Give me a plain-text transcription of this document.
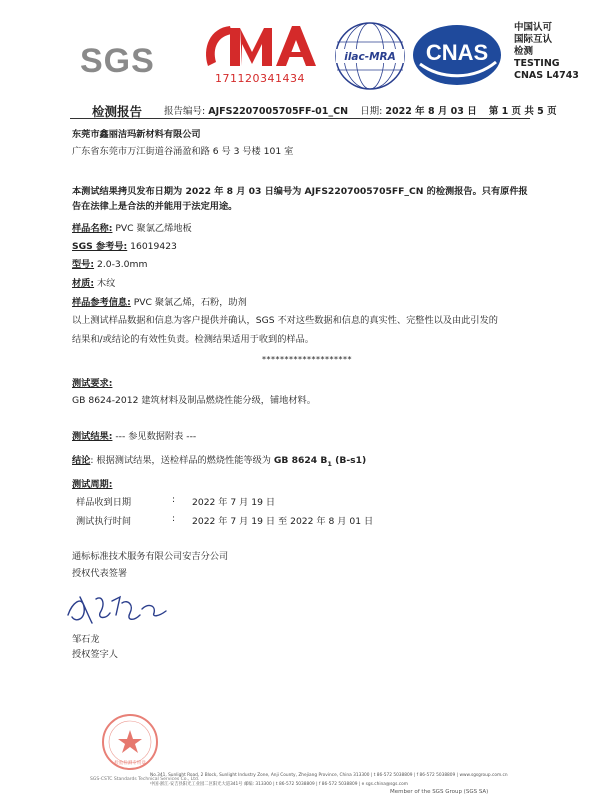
SGS	171120341434
ilac-MRA CNAS
中国认可
国际互认
检测
TESTING
CNAS L4743
检测报告 报告编号: AJFS2207005705FF-01_CN 日期: 2022 年 8 月 03 日 第 1 页 共 5 页
东莞市鑫丽洁玛新材料有限公司
广东省东莞市万江街道谷涌盈和路 6 号 3 号楼 101 室
本测试结果拷贝发布日期为 2022 年 8 月 03 日编号为 AJFS2207005705FF_CN 的检测报告。只有原件报
告在法律上是合法的并能用于法定用途。
样品名称: PVC 聚氯乙烯地板
SGS 参考号: 16019423
型号: 2.0-3.0mm
材质: 木纹
样品参考信息: PVC 聚氯乙烯，石粉，助剂
以上测试样品数据和信息为客户提供并确认，SGS 不对这些数据和信息的真实性、完整性以及由此引发的
结果和/或结论的有效性负责。检测结果适用于收到的样品。
********************
测试要求:
GB 8624-2012 建筑材料及制品燃烧性能分级，铺地材料。
测试结果: --- 参见数据附表 ---
结论: 根据测试结果，送检样品的燃烧性能等级为 GB 8624 $B_1$ (B-s1)
测试周期:
样品收到日期	: 2022 年 7 月 19 日
测试执行时间	: 2022 年 7 月 19 日 至 2022 年 8 月 01 日
通标标准技术服务有限公司安吉分公司
授权代表签署
邹石龙
授权签字人
检验检测专用章
SGS-CSTC Standards Technical Services Co., Ltd.
No.341, Sunlight Road, 2 Block, Sunlight Industry Zone, Anji County, Zhejiang Province, China 313300 | t 86-572 5038809 | f 86-572 5038809 | www.sgsgroup.com.cn
中国·浙江·安吉县阳光工业园二区阳光大道341号 邮编: 313300 | t 86-572 5038809 | f 86-572 5038809 | e sgs.china@sgs.com
Member of the SGS Group (SGS SA)
